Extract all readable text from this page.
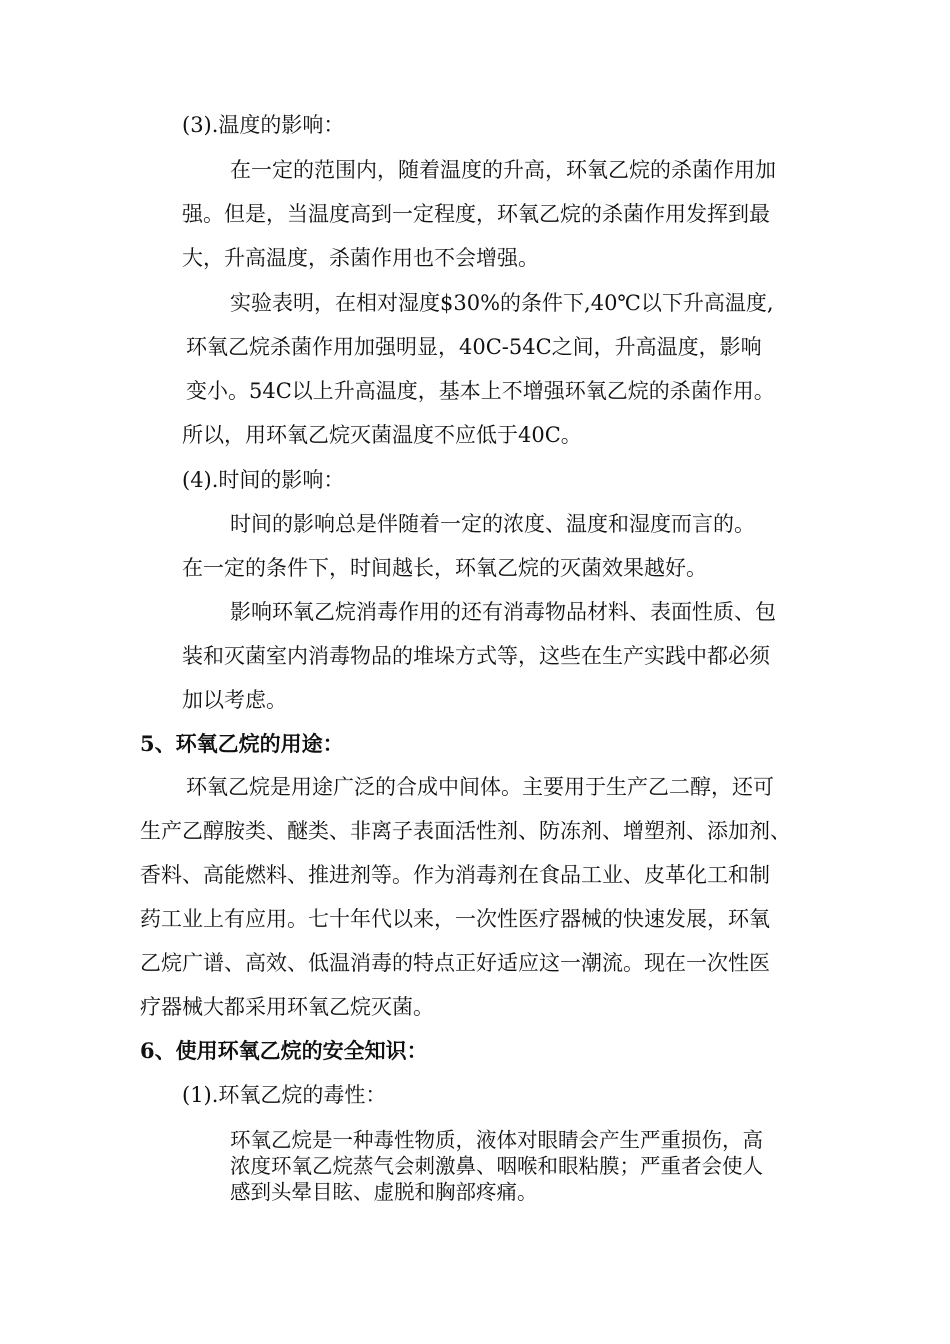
(3).温度的影响：
在一定的范围内，随着温度的升高，环氧乙烷的杀菌作用加
强。但是，当温度高到一定程度，环氧乙烷的杀菌作用发挥到最
大，升高温度，杀菌作用也不会增强。
实验表明，在相对湿度$30%的条件下,40℃以下升高温度,
环氧乙烷杀菌作用加强明显，40C-54C之间，升高温度，影响
变小。54C以上升高温度，基本上不增强环氧乙烷的杀菌作用。
所以，用环氧乙烷灭菌温度不应低于40C。
(4).时间的影响：
时间的影响总是伴随着一定的浓度、温度和湿度而言的。
在一定的条件下，时间越长，环氧乙烷的灭菌效果越好。
影响环氧乙烷消毒作用的还有消毒物品材料、表面性质、包
装和灭菌室内消毒物品的堆垛方式等，这些在生产实践中都必须
加以考虑。
5、环氧乙烷的用途：
环氧乙烷是用途广泛的合成中间体。主要用于生产乙二醇，还可
生产乙醇胺类、醚类、非离子表面活性剂、防冻剂、增塑剂、添加剂、
香料、高能燃料、推进剂等。作为消毒剂在食品工业、皮革化工和制
药工业上有应用。七十年代以来，一次性医疗器械的快速发展，环氧
乙烷广谱、高效、低温消毒的特点正好适应这一潮流。现在一次性医
疗器械大都采用环氧乙烷灭菌。
6、使用环氧乙烷的安全知识：
(1).环氧乙烷的毒性：
环氧乙烷是一种毒性物质，液体对眼睛会产生严重损伤，高
浓度环氧乙烷蒸气会刺激鼻、咽喉和眼粘膜；严重者会使人
感到头晕目眩、虚脱和胸部疼痛。
